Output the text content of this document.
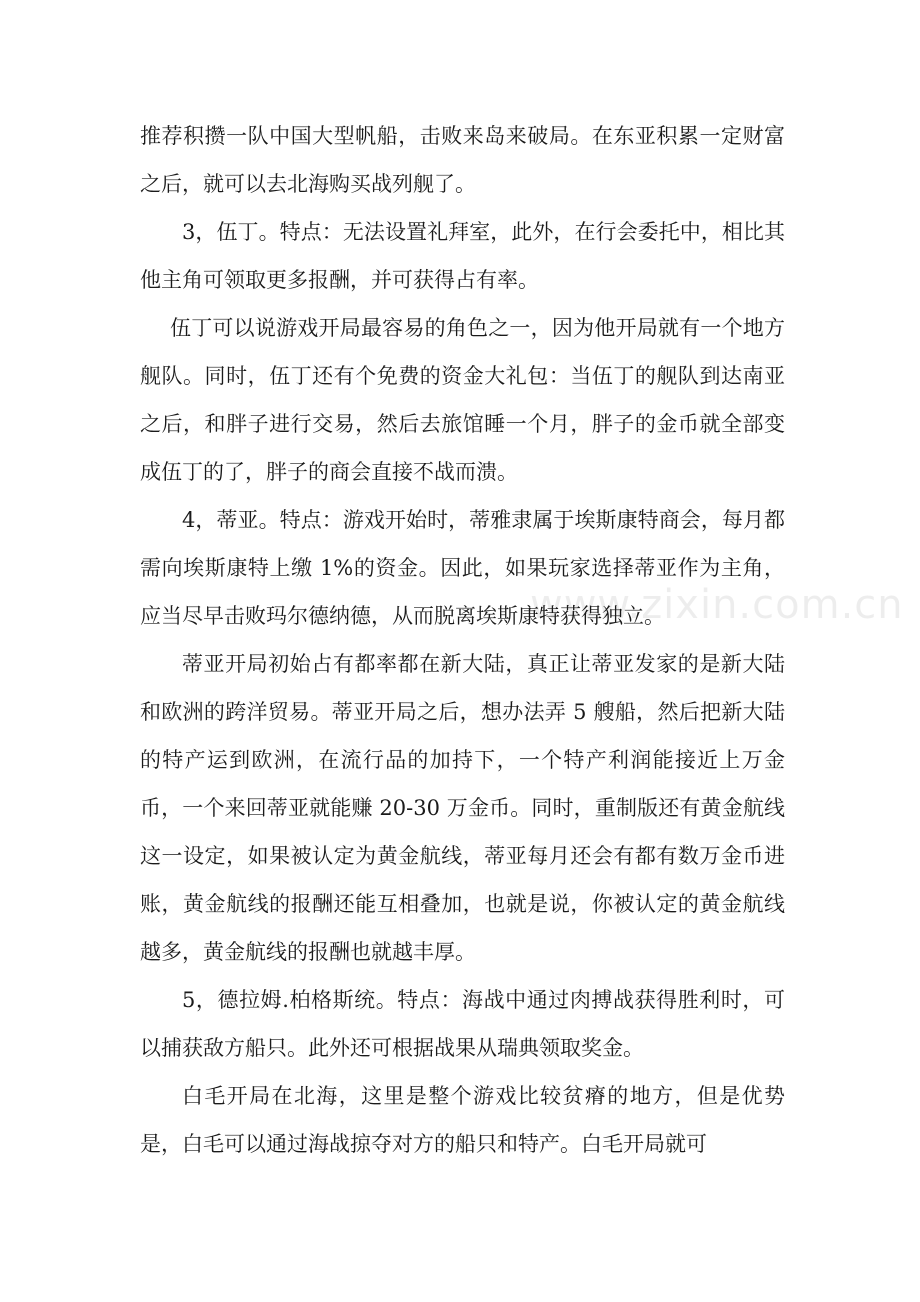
推荐积攒一队中国大型帆船，击败来岛来破局。在东亚积累一定财富之后，就可以去北海购买战列舰了。

3，伍丁。特点：无法设置礼拜室，此外，在行会委托中，相比其他主角可领取更多报酬，并可获得占有率。

伍丁可以说游戏开局最容易的角色之一，因为他开局就有一个地方舰队。同时，伍丁还有个免费的资金大礼包：当伍丁的舰队到达南亚之后，和胖子进行交易，然后去旅馆睡一个月，胖子的金币就全部变成伍丁的了，胖子的商会直接不战而溃。

4，蒂亚。特点：游戏开始时，蒂雅隶属于埃斯康特商会，每月都需向埃斯康特上缴 1%的资金。因此，如果玩家选择蒂亚作为主角，应当尽早击败玛尔德纳德，从而脱离埃斯康特获得独立。

蒂亚开局初始占有都率都在新大陆，真正让蒂亚发家的是新大陆和欧洲的跨洋贸易。蒂亚开局之后，想办法弄 5 艘船，然后把新大陆的特产运到欧洲，在流行品的加持下，一个特产利润能接近上万金币，一个来回蒂亚就能赚 20-30 万金币。同时，重制版还有黄金航线这一设定，如果被认定为黄金航线，蒂亚每月还会有都有数万金币进账，黄金航线的报酬还能互相叠加，也就是说，你被认定的黄金航线越多，黄金航线的报酬也就越丰厚。

5，德拉姆.柏格斯统。特点：海战中通过肉搏战获得胜利时，可以捕获敌方船只。此外还可根据战果从瑞典领取奖金。

白毛开局在北海，这里是整个游戏比较贫瘠的地方，但是优势是，白毛可以通过海战掠夺对方的船只和特产。白毛开局就可

www.zixin.com.cn
